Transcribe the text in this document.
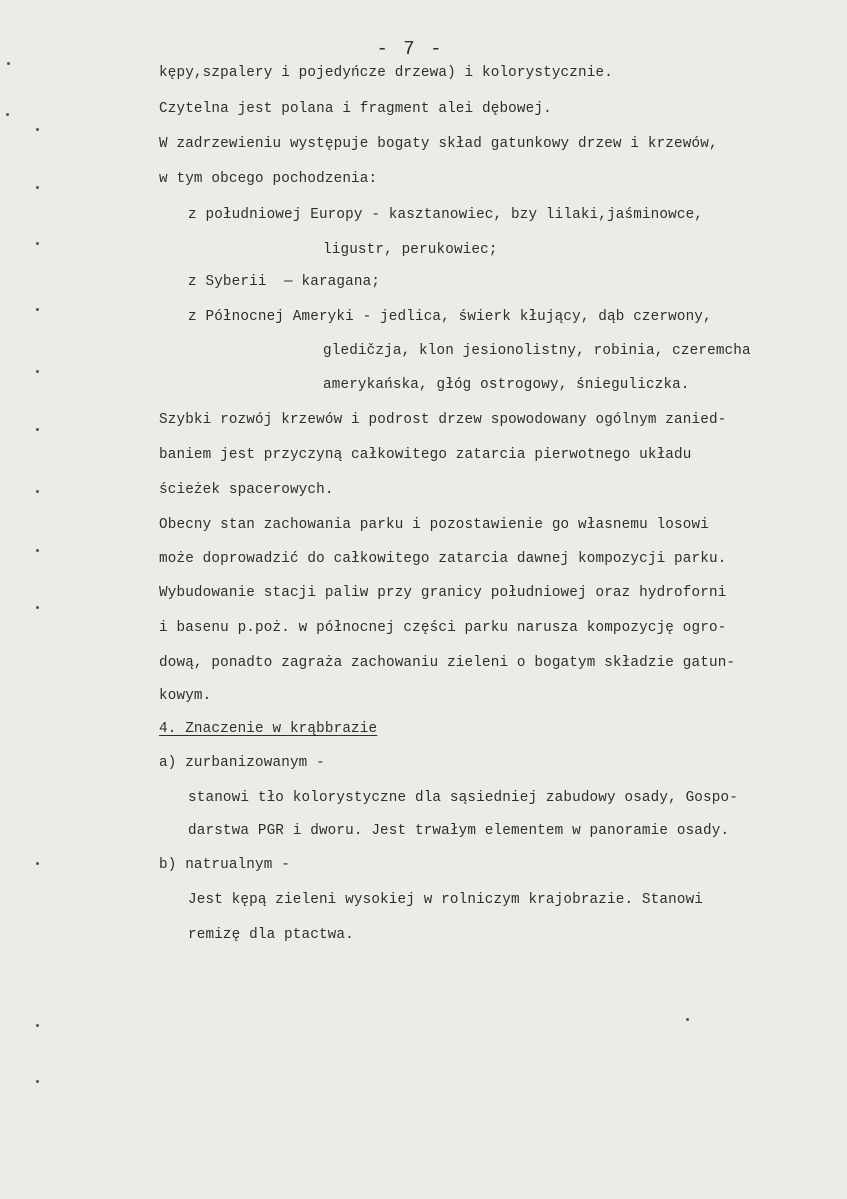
- 7 -
kępy,szpalery i pojedyńcze drzewa) i kolorystycznie.
Czytelna jest polana i fragment alei dębowej.
W zadrzewieniu występuje bogaty skład gatunkowy drzew i krzewów,
w tym obcego pochodzenia:
z południowej Europy - kasztanowiec, bzy lilaki,jaśminowce,
ligustr, perukowiec;
z Syberii  — karagana;
z Północnej Ameryki - jedlica, świerk kłujący, dąb czerwony,
gledičzja, klon jesionolistny, robinia, czeremcha
amerykańska, głóg ostrogowy, śnieguliczka.
Szybki rozwój krzewów i podrost drzew spowodowany ogólnym zanied-
baniem jest przyczyną całkowitego zatarcia pierwotnego układu
ścieżek spacerowych.
Obecny stan zachowania parku i pozostawienie go własnemu losowi
może doprowadzić do całkowitego zatarcia dawnej kompozycji parku.
Wybudowanie stacji paliw przy granicy południowej oraz hydroforni
i basenu p.poż. w północnej części parku narusza kompozycję ogro-
dową, ponadto zagraża zachowaniu zieleni o bogatym składzie gatun-
kowym.
4. Znaczenie w krąbbrazie
a) zurbanizowanym -
stanowi tło kolorystyczne dla sąsiedniej zabudowy osady, Gospo-
darstwa PGR i dworu. Jest trwałym elementem w panoramie osady.
b) natrualnym -
Jest kępą zieleni wysokiej w rolniczym krajobrazie. Stanowi
remizę dla ptactwa.
